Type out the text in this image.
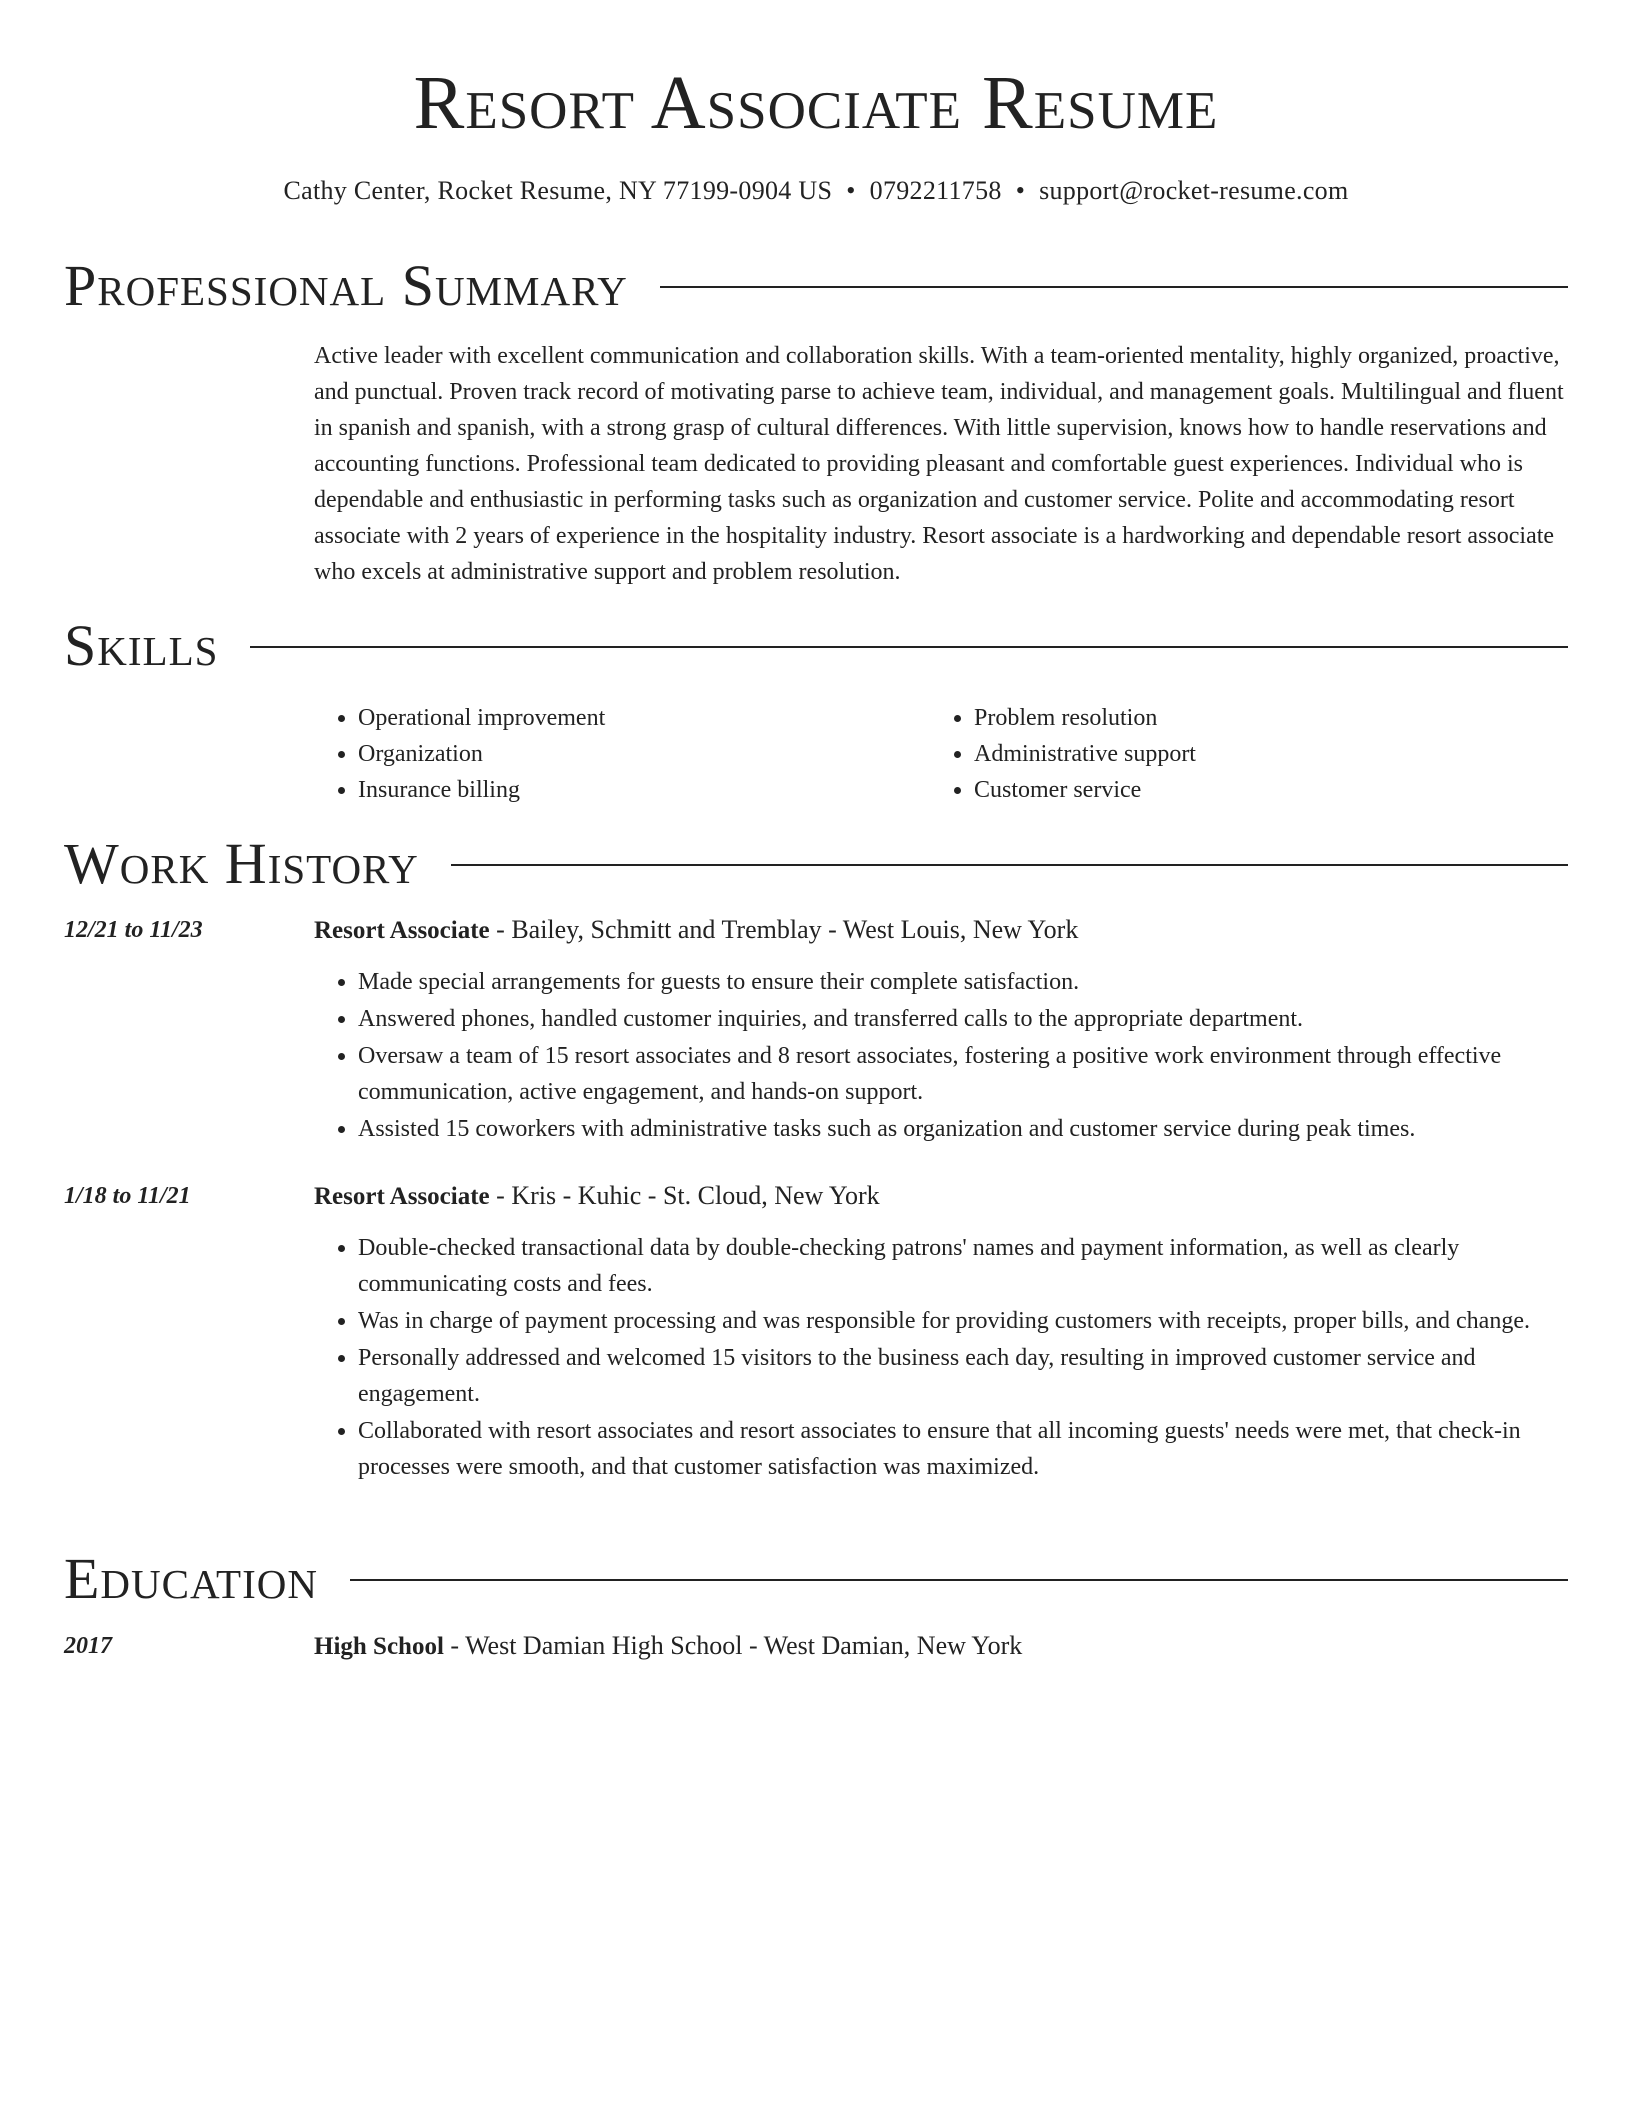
Resort Associate Resume
Cathy Center, Rocket Resume, NY 77199-0904 US • 0792211758 • support@rocket-resume.com
Professional Summary
Active leader with excellent communication and collaboration skills. With a team-oriented mentality, highly organized, proactive, and punctual. Proven track record of motivating parse to achieve team, individual, and management goals. Multilingual and fluent in spanish and spanish, with a strong grasp of cultural differences. With little supervision, knows how to handle reservations and accounting functions. Professional team dedicated to providing pleasant and comfortable guest experiences. Individual who is dependable and enthusiastic in performing tasks such as organization and customer service. Polite and accommodating resort associate with 2 years of experience in the hospitality industry. Resort associate is a hardworking and dependable resort associate who excels at administrative support and problem resolution.
Skills
• Operational improvement
• Organization
• Insurance billing
• Problem resolution
• Administrative support
• Customer service
Work History
12/21 to 11/23	Resort Associate - Bailey, Schmitt and Tremblay - West Louis, New York
• Made special arrangements for guests to ensure their complete satisfaction.
• Answered phones, handled customer inquiries, and transferred calls to the appropriate department.
• Oversaw a team of 15 resort associates and 8 resort associates, fostering a positive work environment through effective communication, active engagement, and hands-on support.
• Assisted 15 coworkers with administrative tasks such as organization and customer service during peak times.
1/18 to 11/21	Resort Associate - Kris - Kuhic - St. Cloud, New York
• Double-checked transactional data by double-checking patrons' names and payment information, as well as clearly communicating costs and fees.
• Was in charge of payment processing and was responsible for providing customers with receipts, proper bills, and change.
• Personally addressed and welcomed 15 visitors to the business each day, resulting in improved customer service and engagement.
• Collaborated with resort associates and resort associates to ensure that all incoming guests' needs were met, that check-in processes were smooth, and that customer satisfaction was maximized.
Education
2017	High School - West Damian High School - West Damian, New York
